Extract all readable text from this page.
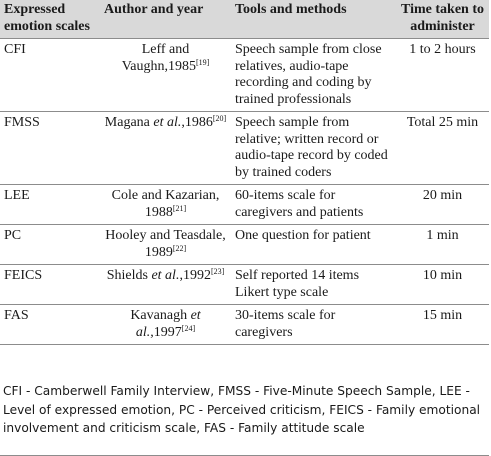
Expressed emotion scales	Author and year	Tools and methods	Time taken to administer
CFI	Leff and Vaughn,1985[19]	Speech sample from close relatives, audio-tape recording and coding by trained professionals	1 to 2 hours
FMSS	Magana et al.,1986[20]	Speech sample from relative; written record or audio-tape record by coded by trained coders	Total 25 min
LEE	Cole and Kazarian, 1988[21]	60-items scale for caregivers and patients	20 min
PC	Hooley and Teasdale, 1989[22]	One question for patient	1 min
FEICS	Shields et al.,1992[23]	Self reported 14 items Likert type scale	10 min
FAS	Kavanagh et al.,1997[24]	30-items scale for caregivers	15 min
CFI - Camberwell Family Interview, FMSS - Five-Minute Speech Sample, LEE - Level of expressed emotion, PC - Perceived criticism, FEICS - Family emotional involvement and criticism scale, FAS - Family attitude scale
